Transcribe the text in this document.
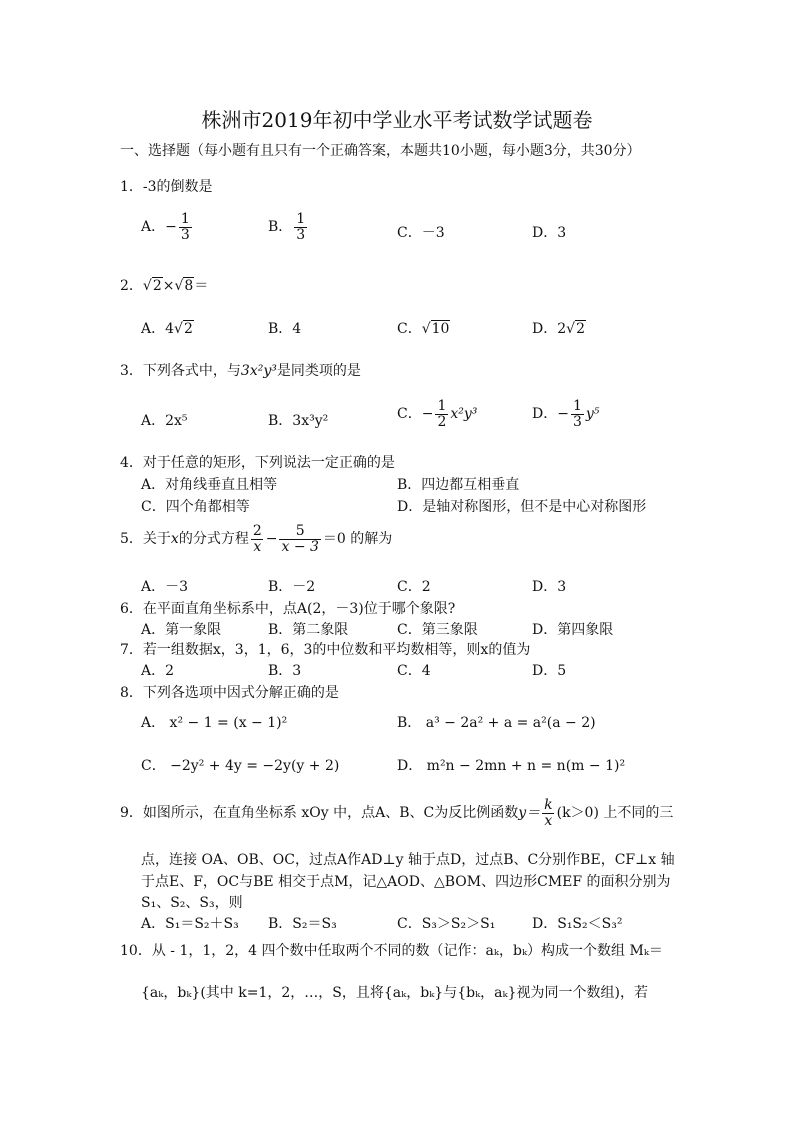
株洲市2019年初中学业水平考试数学试题卷
一、选择题（每小题有且只有一个正确答案，本题共10小题，每小题3分，共30分）
1．-3的倒数是
A．− $\frac{1}{3}$	B． $\frac{1}{3}$	C．－3	D．3
2．√2×√8＝
A．4√2	B．4	C．√10	D．2√2
3．下列各式中，与3x²y³是同类项的是
A．2x⁵	B．3x³y²	C．− $\frac{1}{2} x^2y^3$	D．− $\frac{1}{3} y^5$
4．对于任意的矩形，下列说法一定正确的是
A．对角线垂直且相等	B．四边都互相垂直
C．四个角都相等	D．是轴对称图形，但不是中心对称图形
5．关于x的分式方程 $\frac{2}{x} - \frac{5}{x - 3} =0$ 的解为
A．－3	B．－2	C．2	D．3
6．在平面直角坐标系中，点A(2，－3)位于哪个象限?
A．第一象限	B．第二象限	C．第三象限	D．第四象限
7．若一组数据x，3，1，6，3的中位数和平均数相等，则x的值为
A．2	B．3	C．4	D．5
8．下列各选项中因式分解正确的是
A． x² − 1 = (x − 1)²	B． a³ − 2a² + a = a²(a − 2)
C． −2y² + 4y = −2y(y + 2)	D． m²n − 2mn + n = n(m − 1)²
9．如图所示，在直角坐标系 xOy 中，点A、B、C为反比例函数$y= \frac{k}{x} (k>0)$ 上不同的三
点，连接 OA、OB、OC，过点A作AD⊥y 轴于点D，过点B、C分别作BE，CF⊥x 轴
于点E、F，OC与BE 相交于点M，记△AOD、△BOM、四边形CMEF 的面积分别为
S₁、S₂、S₃，则
A．S₁＝S₂＋S₃ B．S₂＝S₃	C．S₃＞S₂＞S₁	D．S₁S₂＜S₃²
10．从 - 1，1，2，4 四个数中任取两个不同的数（记作：aₖ，bₖ）构成一个数组 Mₖ＝
{aₖ，bₖ}(其中 k=1，2，…，S，且将{aₖ，bₖ}与{bₖ，aₖ}视为同一个数组)，若
